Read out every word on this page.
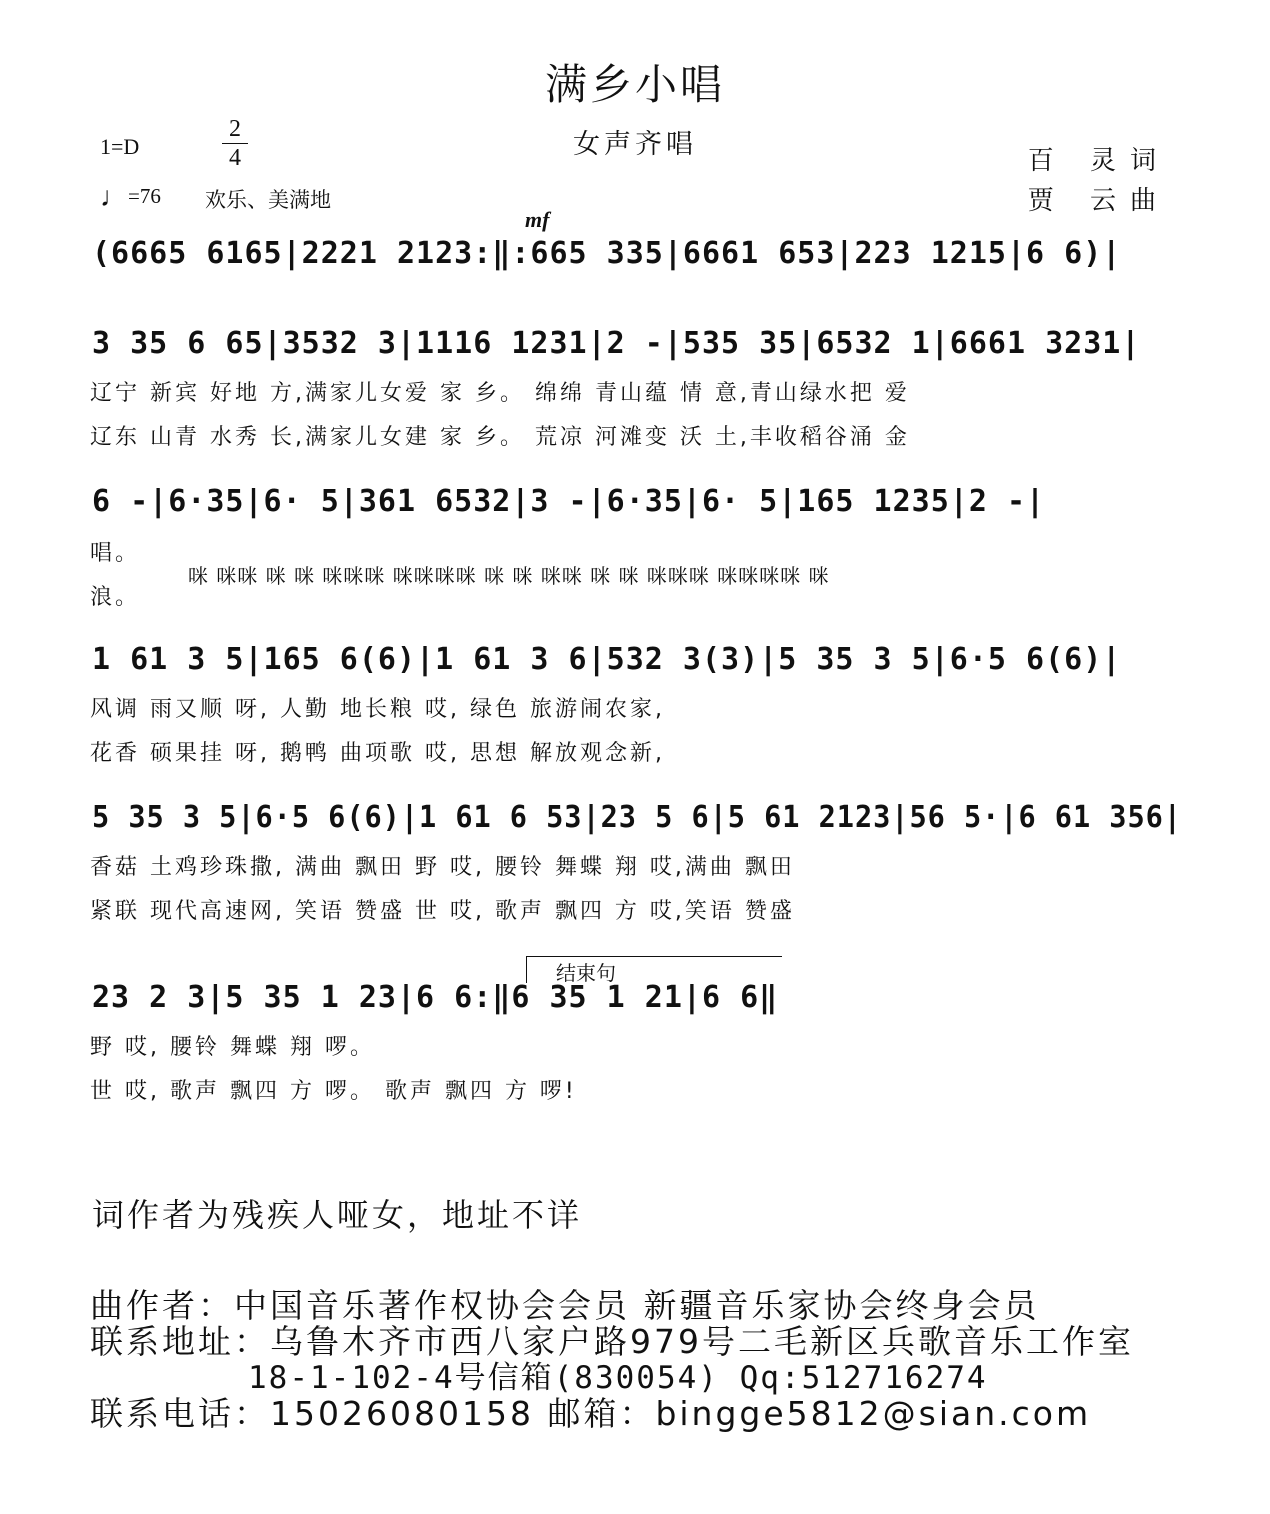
满乡小唱
女声齐唱
1=D
2
4
♩=76 欢乐、美满地
百 灵词
贾 云曲
mf
(6665 6165|2221 2123:‖:665 335|6661 653|223 1215|6 6)|
3 35 6 65|3532 3|1116 1231|2 -|535 35|6532 1|6661 3231|
辽宁 新宾 好地 方,满家儿女爱 家 乡。 绵绵 青山蕴 情 意,青山绿水把 爱
辽东 山青 水秀 长,满家儿女建 家 乡。 荒凉 河滩变 沃 土,丰收稻谷涌 金
6 -|6·35|6· 5|361 6532|3 -|6·35|6· 5|165 1235|2 -|
唱。
咪 咪咪 咪 咪 咪咪咪 咪咪咪咪 咪 咪 咪咪 咪 咪 咪咪咪 咪咪咪咪 咪
浪。
1 61 3 5|165 6(6)|1 61 3 6|532 3(3)|5 35 3 5|6·5 6(6)|
风调 雨又顺 呀, 人勤 地长粮 哎, 绿色 旅游闹农家,
花香 硕果挂 呀, 鹅鸭 曲项歌 哎, 思想 解放观念新,
5 35 3 5|6·5 6(6)|1 61 6 53|23 5 6|5 61 2123|56 5·|6 61 356|
香菇 土鸡珍珠撒, 满曲 飘田 野 哎, 腰铃 舞蝶 翔 哎,满曲 飘田
紧联 现代高速网, 笑语 赞盛 世 哎, 歌声 飘四 方 哎,笑语 赞盛
结束句
23 2 3|5 35 1 23|6 6:‖6 35 1 21|6 6‖
野 哎, 腰铃 舞蝶 翔 啰。
世 哎, 歌声 飘四 方 啰。 歌声 飘四 方 啰!
词作者为残疾人哑女，地址不详
曲作者：中国音乐著作权协会会员 新疆音乐家协会终身会员
联系地址：乌鲁木齐市西八家户路979号二毛新区兵歌音乐工作室
18-1-102-4号信箱(830054) Qq:512716274
联系电话：15026080158 邮箱：bingge5812@sian.com
